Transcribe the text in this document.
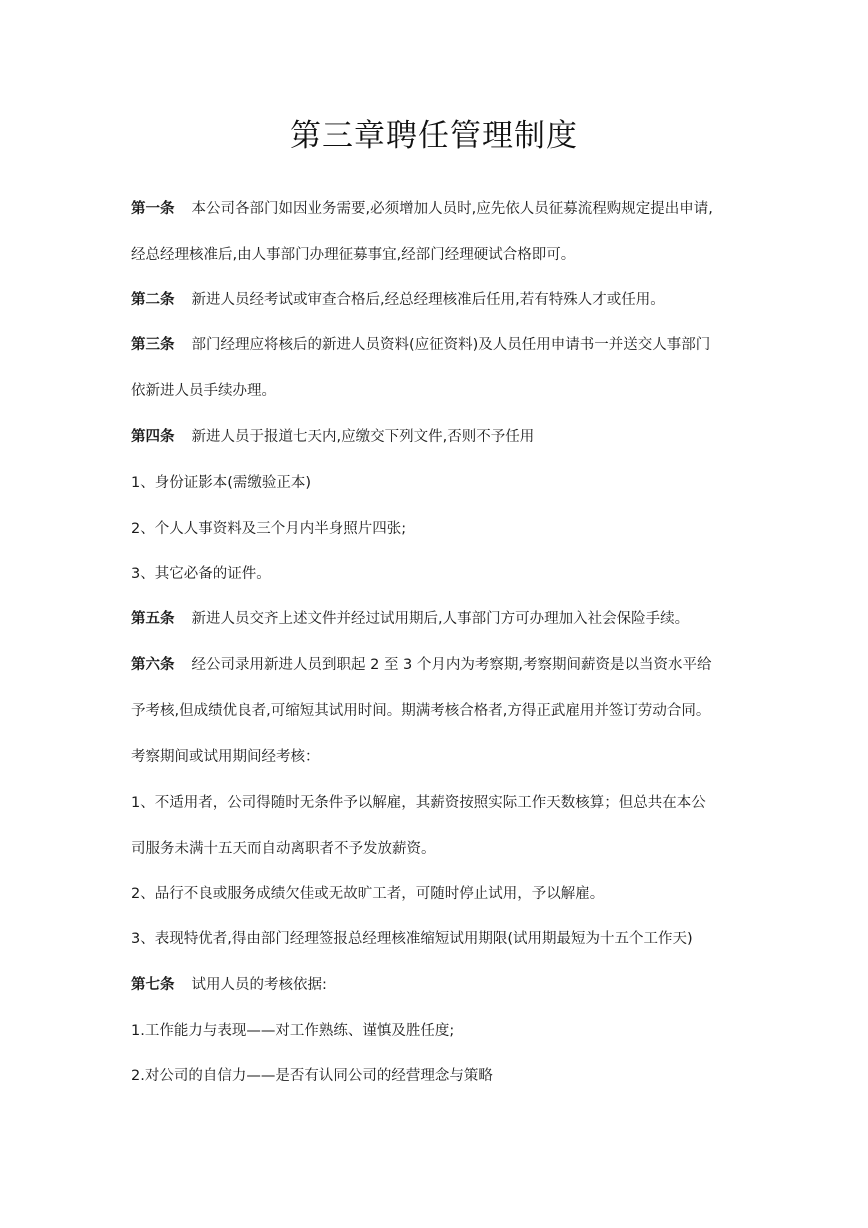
第三章聘任管理制度
第一条 本公司各部门如因业务需要,必须增加人员时,应先依人员征募流程购规定提出申请,
经总经理核准后,由人事部门办理征募事宜,经部门经理硬试合格即可。
第二条 新进人员经考试或审查合格后,经总经理核准后任用,若有特殊人才或任用。
第三条 部门经理应将核后的新进人员资料(应征资料)及人员任用申请书一并送交人事部门
依新进人员手续办理。
第四条 新进人员于报道七天内,应缴交下列文件,否则不予任用
1、身份证影本(需缴验正本)
2、个人人事资料及三个月内半身照片四张;
3、其它必备的证件。
第五条 新进人员交齐上述文件并经过试用期后,人事部门方可办理加入社会保险手续。
第六条 经公司录用新进人员到职起 2 至 3 个月内为考察期,考察期间薪资是以当资水平给
予考核,但成绩优良者,可缩短其试用时间。期满考核合格者,方得正武雇用并签订劳动合同。
考察期间或试用期间经考核：
1、不适用者，公司得随时无条件予以解雇，其薪资按照实际工作天数核算；但总共在本公
司服务未满十五天而自动离职者不予发放薪资。
2、品行不良或服务成绩欠佳或无故旷工者，可随时停止试用，予以解雇。
3、表现特优者,得由部门经理签报总经理核准缩短试用期限(试用期最短为十五个工作天)
第七条 试用人员的考核依据:
1.工作能力与表现——对工作熟练、谨慎及胜任度;
2.对公司的自信力——是否有认同公司的经营理念与策略
